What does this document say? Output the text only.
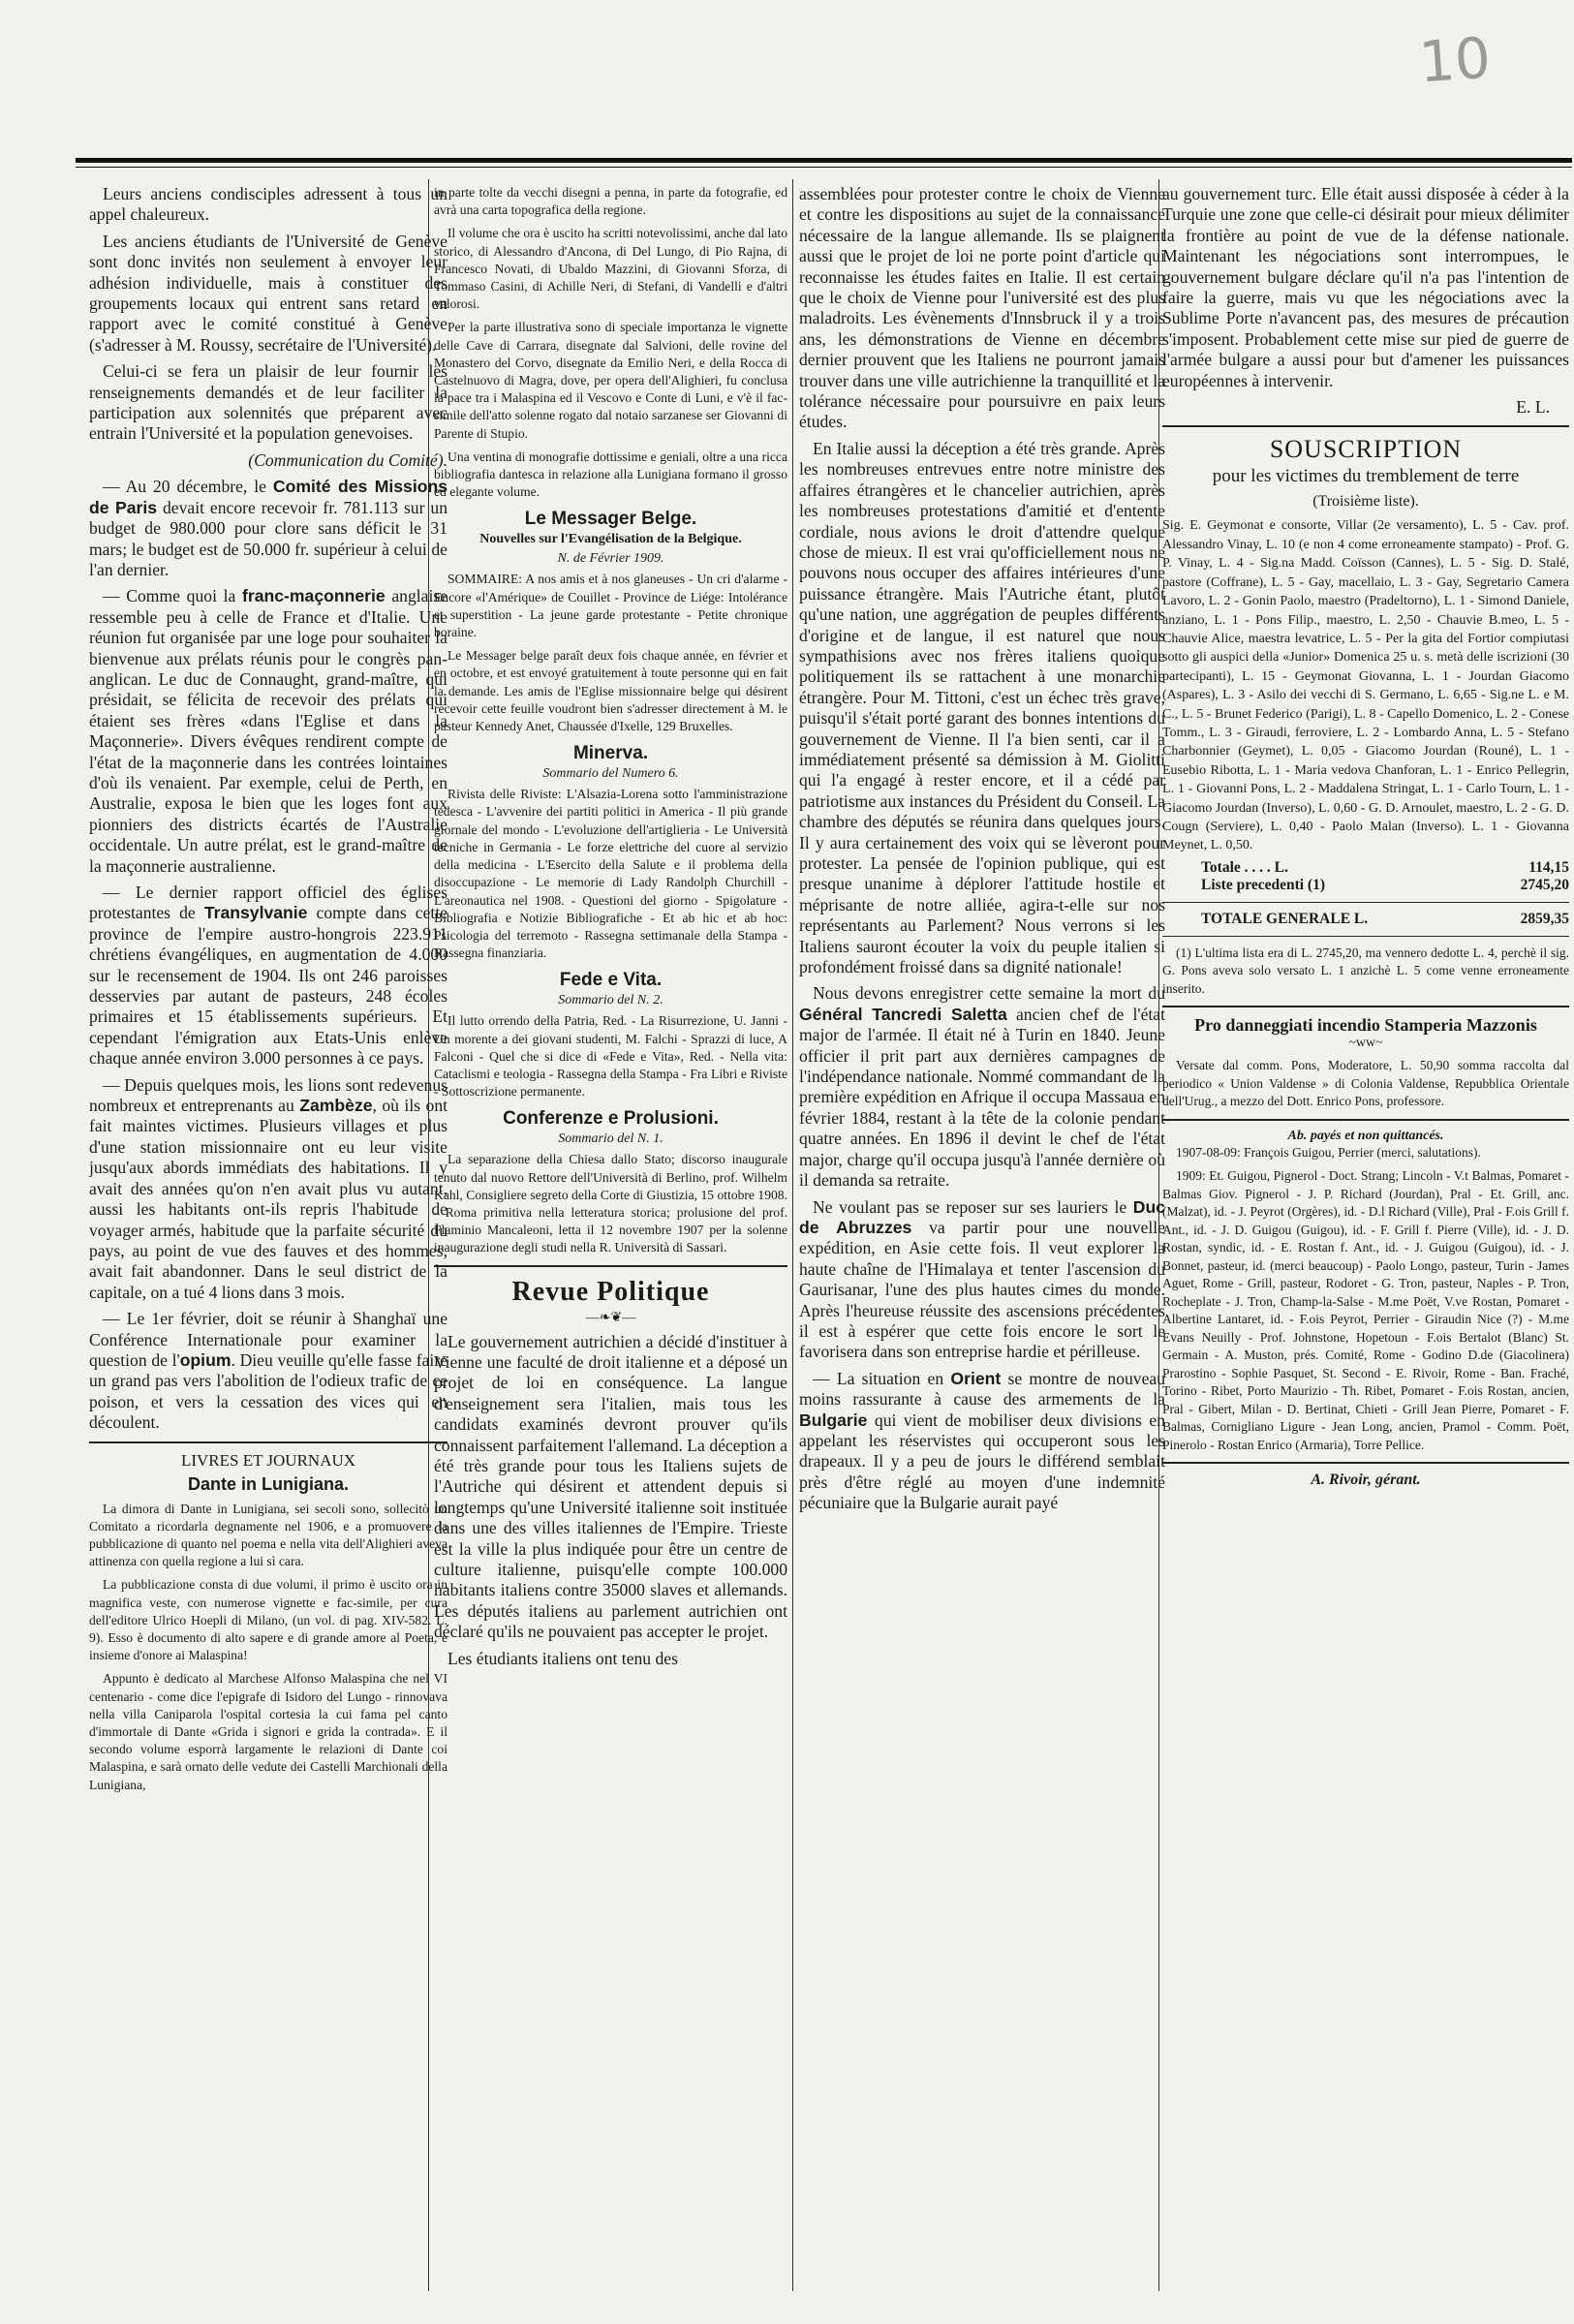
10

Leurs anciens condisciples adressent à tous un appel chaleureux.

Les anciens étudiants de l'Université de Genève sont donc invités non seulement à envoyer leur adhésion individuelle, mais à constituer des groupements locaux qui entrent sans retard en rapport avec le comité constitué à Genève (s'adresser à M. Roussy, secrétaire de l'Université).

Celui-ci se fera un plaisir de leur fournir les renseignements demandés et de leur faciliter la participation aux solennités que préparent avec entrain l'Université et la population genevoises.

(Communication du Comité).

— Au 20 décembre, le Comité des Missions de Paris devait encore recevoir fr. 781.113 sur un budget de 980.000 pour clore sans déficit le 31 mars; le budget est de 50.000 fr. supérieur à celui de l'an dernier.

— Comme quoi la franc-maçonnerie anglaise ressemble peu à celle de France et d'Italie. Une réunion fut organisée par une loge pour souhaiter la bienvenue aux prélats réunis pour le congrès pan-anglican. Le duc de Connaught, grand-maître, qui présidait, se félicita de recevoir des prélats qui étaient ses frères «dans l'Eglise et dans la Maçonnerie». Divers évêques rendirent compte de l'état de la maçonnerie dans les contrées lointaines d'où ils venaient. Par exemple, celui de Perth, en Australie, exposa le bien que les loges font aux pionniers des districts écartés de l'Australie occidentale. Un autre prélat, est le grand-maître de la maçonnerie australienne.

— Le dernier rapport officiel des églises protestantes de Transylvanie compte dans cette province de l'empire austro-hongrois 223.911 chrétiens évangéliques, en augmentation de 4.000 sur le recensement de 1904. Ils ont 246 paroisses desservies par autant de pasteurs, 248 écoles primaires et 15 établissements supérieurs. Et cependant l'émigration aux Etats-Unis enlève chaque année environ 3.000 personnes à ce pays.

— Depuis quelques mois, les lions sont redevenus nombreux et entreprenants au Zambèze, où ils ont fait maintes victimes. Plusieurs villages et plus d'une station missionnaire ont eu leur visite jusqu'aux abords immédiats des habitations. Il y avait des années qu'on n'en avait plus vu autant, aussi les habitants ont-ils repris l'habitude de voyager armés, habitude que la parfaite sécurité du pays, au point de vue des fauves et des hommes, avait fait abandonner. Dans le seul district de la capitale, on a tué 4 lions dans 3 mois.

— Le 1er février, doit se réunir à Shanghaï une Conférence Internationale pour examiner la question de l'opium. Dieu veuille qu'elle fasse faire un grand pas vers l'abolition de l'odieux trafic de ce poison, et vers la cessation des vices qui en découlent.

LIVRES ET JOURNAUX
Dante in Lunigiana.

La dimora di Dante in Lunigiana, sei secoli sono, sollecitò un Comitato a ricordarla degnamente nel 1906, e a promuovere la pubblicazione di quanto nel poema e nella vita dell'Alighieri aveva attinenza con quella regione a lui sì cara.

La pubblicazione consta di due volumi, il primo è uscito ora in magnifica veste, con numerose vignette e fac-simile, per cura dell'editore Ulrico Hoepli di Milano, (un vol. di pag. XIV-582. L. 9). Esso è documento di alto sapere e di grande amore al Poeta, e insieme d'onore ai Malaspina!

Appunto è dedicato al Marchese Alfonso Malaspina che nel VI centenario - come dice l'epigrafe di Isidoro del Lungo - rinnovava nella villa Caniparola l'ospital cortesia la cui fama pel canto d'immortale di Dante «Grida i signori e grida la contrada». E il secondo volume esporrà largamente le relazioni di Dante coi Malaspina, e sarà ornato delle vedute dei Castelli Marchionali della Lunigiana,

in parte tolte da vecchi disegni a penna, in parte da fotografie, ed avrà una carta topografica della regione.

Il volume che ora è uscito ha scritti notevolissimi, anche dal lato storico, di Alessandro d'Ancona, di Del Lungo, di Pio Rajna, di Francesco Novati, di Ubaldo Mazzini, di Giovanni Sforza, di Tommaso Casini, di Achille Neri, di Stefani, di Vandelli e d'altri valorosi.

Per la parte illustrativa sono di speciale importanza le vignette delle Cave di Carrara, disegnate dal Salvioni, delle rovine del Monastero del Corvo, disegnate da Emilio Neri, e della Rocca di Castelnuovo di Magra, dove, per opera dell'Alighieri, fu conclusa la pace tra i Malaspina ed il Vescovo e Conte di Luni, e v'è il fac-simile dell'atto solenne rogato dal notaio sarzanese ser Giovanni di Parente di Stupio.

Una ventina di monografie dottissime e geniali, oltre a una ricca bibliografia dantesca in relazione alla Lunigiana formano il grosso ed elegante volume.

Le Messager Belge.
Nouvelles sur l'Evangélisation de la Belgique.
N. de Février 1909.

SOMMAIRE: A nos amis et à nos glaneuses - Un cri d'alarme - Encore «l'Amérique» de Couillet - Province de Liége: Intolérance et superstition - La jeune garde protestante - Petite chronique boraine.

Le Messager belge paraît deux fois chaque année, en février et en octobre, et est envoyé gratuitement à toute personne qui en fait la demande. Les amis de l'Eglise missionnaire belge qui désirent recevoir cette feuille voudront bien s'adresser directement à M. le pasteur Kennedy Anet, Chaussée d'Ixelle, 129 Bruxelles.

Minerva.
Sommario del Numero 6.

Rivista delle Riviste: L'Alsazia-Lorena sotto l'amministrazione tedesca - L'avvenire dei partiti politici in America - Il più grande giornale del mondo - L'evoluzione dell'artiglieria - Le Università tecniche in Germania - Le forze elettriche del cuore al servizio della medicina - L'Esercito della Salute e il problema della disoccupazione - Le memorie di Lady Randolph Churchill - L'areonautica nel 1908. - Questioni del giorno - Spigolature - Bibliografia e Notizie Bibliografiche - Et ab hic et ab hoc: Psicologia del terremoto - Rassegna settimanale della Stampa - Rassegna finanziaria.

Fede e Vita.
Sommario del N. 2.

Il lutto orrendo della Patria, Red. - La Risurrezione, U. Janni - Un morente a dei giovani studenti, M. Falchi - Sprazzi di luce, A Falconi - Quel che si dice di «Fede e Vita», Red. - Nella vita: Cataclismi e teologia - Rassegna della Stampa - Fra Libri e Riviste - Sottoscrizione permanente.

Conferenze e Prolusioni.
Sommario del N. 1.

La separazione della Chiesa dallo Stato; discorso inaugurale tenuto dal nuovo Rettore dell'Università di Berlino, prof. Wilhelm Kahl, Consigliere segreto della Corte di Giustizia, 15 ottobre 1908. - Roma primitiva nella letteratura storica; prolusione del prof. Flaminio Mancaleoni, letta il 12 novembre 1907 per la solenne inaugurazione degli studi nella R. Università di Sassari.

Revue Politique
—❧❦—

Le gouvernement autrichien a décidé d'instituer à Vienne une faculté de droit italienne et a déposé un projet de loi en conséquence. La langue d'enseignement sera l'italien, mais tous les candidats examinés devront prouver qu'ils connaissent parfaitement l'allemand. La déception a été très grande pour tous les Italiens sujets de l'Autriche qui désirent et attendent depuis si longtemps qu'une Université italienne soit instituée dans une des villes italiennes de l'Empire. Trieste est la ville la plus indiquée pour être un centre de culture italienne, puisqu'elle compte 100.000 habitants italiens contre 35000 slaves et allemands. Les députés italiens au parlement autrichien ont déclaré qu'ils ne pouvaient pas accepter le projet.

Les étudiants italiens ont tenu des

assemblées pour protester contre le choix de Vienne et contre les dispositions au sujet de la connaissance nécessaire de la langue allemande. Ils se plaignent aussi que le projet de loi ne porte point d'article qui reconnaisse les études faites en Italie. Il est certain que le choix de Vienne pour l'université est des plus maladroits. Les évènements d'Innsbruck il y a trois ans, les démonstrations de Vienne en décembre dernier prouvent que les Italiens ne pourront jamais trouver dans une ville autrichienne la tranquillité et la tolérance nécessaire pour poursuivre en paix leurs études.

En Italie aussi la déception a été très grande. Après les nombreuses entrevues entre notre ministre des affaires étrangères et le chancelier autrichien, après les nombreuses protestations d'amitié et d'entente cordiale, nous avions le droit d'attendre quelque chose de mieux. Il est vrai qu'officiellement nous ne pouvons nous occuper des affaires intérieures d'une puissance étrangère. Mais l'Autriche étant, plutôt qu'une nation, une aggrégation de peuples différents d'origine et de langue, il est naturel que nous sympathisions avec nos frères italiens quoique politiquement ils se rattachent à une monarchie étrangère. Pour M. Tittoni, c'est un échec très grave, puisqu'il s'était porté garant des bonnes intentions du gouvernement de Vienne. Il l'a bien senti, car il a immédiatement présenté sa démission à M. Giolitti qui l'a engagé à rester encore, et il a cédé par patriotisme aux instances du Président du Conseil. La chambre des députés se réunira dans quelques jours. Il y aura certainement des voix qui se lèveront pour protester. La pensée de l'opinion publique, qui est presque unanime à déplorer l'attitude hostile et méprisante de notre alliée, agira-t-elle sur nos représentants au Parlement? Nous verrons si les Italiens sauront écouter la voix du peuple italien si profondément froissé dans sa dignité nationale!

Nous devons enregistrer cette semaine la mort du Général Tancredi Saletta ancien chef de l'état major de l'armée. Il était né à Turin en 1840. Jeune officier il prit part aux dernières campagnes de l'indépendance nationale. Nommé commandant de la première expédition en Afrique il occupa Massaua en février 1884, restant à la tête de la colonie pendant quatre années. En 1896 il devint le chef de l'état major, charge qu'il occupa jusqu'à l'année dernière où il demanda sa retraite.

Ne voulant pas se reposer sur ses lauriers le Duc de Abruzzes va partir pour une nouvelle expédition, en Asie cette fois. Il veut explorer la haute chaîne de l'Himalaya et tenter l'ascension du Gaurisanar, l'une des plus hautes cimes du monde. Après l'heureuse réussite des ascensions précédentes il est à espérer que cette fois encore le sort le favorisera dans son entreprise hardie et périlleuse.

— La situation en Orient se montre de nouveau moins rassurante à cause des armements de la Bulgarie qui vient de mobiliser deux divisions en appelant les réservistes qui occuperont sous les drapeaux. Il y a peu de jours le différend semblait près d'être réglé au moyen d'une indemnité pécuniaire que la Bulgarie aurait payé

au gouvernement turc. Elle était aussi disposée à céder à la Turquie une zone que celle-ci désirait pour mieux délimiter la frontière au point de vue de la défense nationale. Maintenant les négociations sont interrompues, le gouvernement bulgare déclare qu'il n'a pas l'intention de faire la guerre, mais vu que les négociations avec la Sublime Porte n'avancent pas, des mesures de précaution s'imposent. Probablement cette mise sur pied de guerre de l'armée bulgare a aussi pour but d'amener les puissances européennes à intervenir.

E. L.
SOUSCRIPTION
pour les victimes du tremblement de terre
(Troisième liste).
Sig. E. Geymonat e consorte, Villar (2e versamento), L. 5 - Cav. prof. Alessandro Vinay, L. 10 (e non 4 come erroneamente stampato) - Prof. G. P. Vinay, L. 4 - Sig.na Madd. Coïsson (Cannes), L. 5 - Sig. D. Stalé, pastore (Coffrane), L. 5 - Gay, macellaio, L. 3 - Gay, Segretario Camera Lavoro, L. 2 - Gonin Paolo, maestro (Pradeltorno), L. 1 - Simond Daniele, anziano, L. 1 - Pons Filip., maestro, L. 2,50 - Chauvie B.meo, L. 5 - Chauvie Alice, maestra levatrice, L. 5 - Per la gita del Fortior compiutasi sotto gli auspici della «Junior» Domenica 25 u. s. metà delle iscrizioni (30 partecipanti), L. 15 - Geymonat Giovanna, L. 1 - Jourdan Giacomo (Aspares), L. 3 - Asilo dei vecchi di S. Germano, L. 6,65 - Sig.ne L. e M. C., L. 5 - Brunet Federico (Parigi), L. 8 - Capello Domenico, L. 2 - Conese Tomm., L. 3 - Giraudi, ferroviere, L. 2 - Lombardo Anna, L. 5 - Stefano Charbonnier (Geymet), L. 0,05 - Giacomo Jourdan (Rouné), L. 1 - Eusebio Ribotta, L. 1 - Maria vedova Chanforan, L. 1 - Enrico Pellegrin, L. 1 - Giovanni Pons, L. 2 - Maddalena Stringat, L. 1 - Carlo Tourn, L. 1 - Giacomo Jourdan (Inverso), L. 0,60 - G. D. Arnoulet, maestro, L. 2 - G. D. Cougn (Serviere), L. 0,40 - Paolo Malan (Inverso). L. 1 - Giovanna Meynet, L. 0,50.
Totale . . . . L.	114,15
Liste precedenti (1)	2745,20
TOTALE GENERALE L.	2859,35

(1) L'ultima lista era di L. 2745,20, ma vennero dedotte L. 4, perchè il sig. G. Pons aveva solo versato L. 1 anzichè L. 5 come venne erroneamente inserito.

Pro danneggiati incendio Stamperia Mazzonis
~ww~

Versate dal comm. Pons, Moderatore, L. 50,90 somma raccolta dal periodico « Union Valdense » di Colonia Valdense, Repubblica Orientale dell'Urug., a mezzo del Dott. Enrico Pons, professore.

Ab. payés et non quittancés.

1907-08-09: François Guigou, Perrier (merci, salutations).

1909: Et. Guigou, Pignerol - Doct. Strang; Lincoln - V.t Balmas, Pomaret - Balmas Giov. Pignerol - J. P. Richard (Jourdan), Pral - Et. Grill, anc. (Malzat), id. - J. Peyrot (Orgères), id. - D.l Richard (Ville), Pral - F.ois Grill f. Ant., id. - J. D. Guigou (Guigou), id. - F. Grill f. Pierre (Ville), id. - J. D. Rostan, syndic, id. - E. Rostan f. Ant., id. - J. Guigou (Guigou), id. - J. Bonnet, pasteur, id. (merci beaucoup) - Paolo Longo, pasteur, Turin - James Aguet, Rome - Grill, pasteur, Rodoret - G. Tron, pasteur, Naples - P. Tron, Rocheplate - J. Tron, Champ-la-Salse - M.me Poët, V.ve Rostan, Pomaret - Albertine Lantaret, id. - F.ois Peyrot, Perrier - Giraudin Nice (?) - M.me Evans Neuilly - Prof. Johnstone, Hopetoun - F.ois Bertalot (Blanc) St. Germain - A. Muston, prés. Comité, Rome - Godino D.de (Giacolinera) Prarostino - Sophie Pasquet, St. Second - E. Rivoir, Rome - Ban. Fraché, Torino - Ribet, Porto Maurizio - Th. Ribet, Pomaret - F.ois Rostan, ancien, Pral - Gibert, Milan - D. Bertinat, Chieti - Grill Jean Pierre, Pomaret - F. Balmas, Cornigliano Ligure - Jean Long, ancien, Pramol - Comm. Poët, Pinerolo - Rostan Enrico (Armaria), Torre Pellice.

A. Rivoir, gérant.
